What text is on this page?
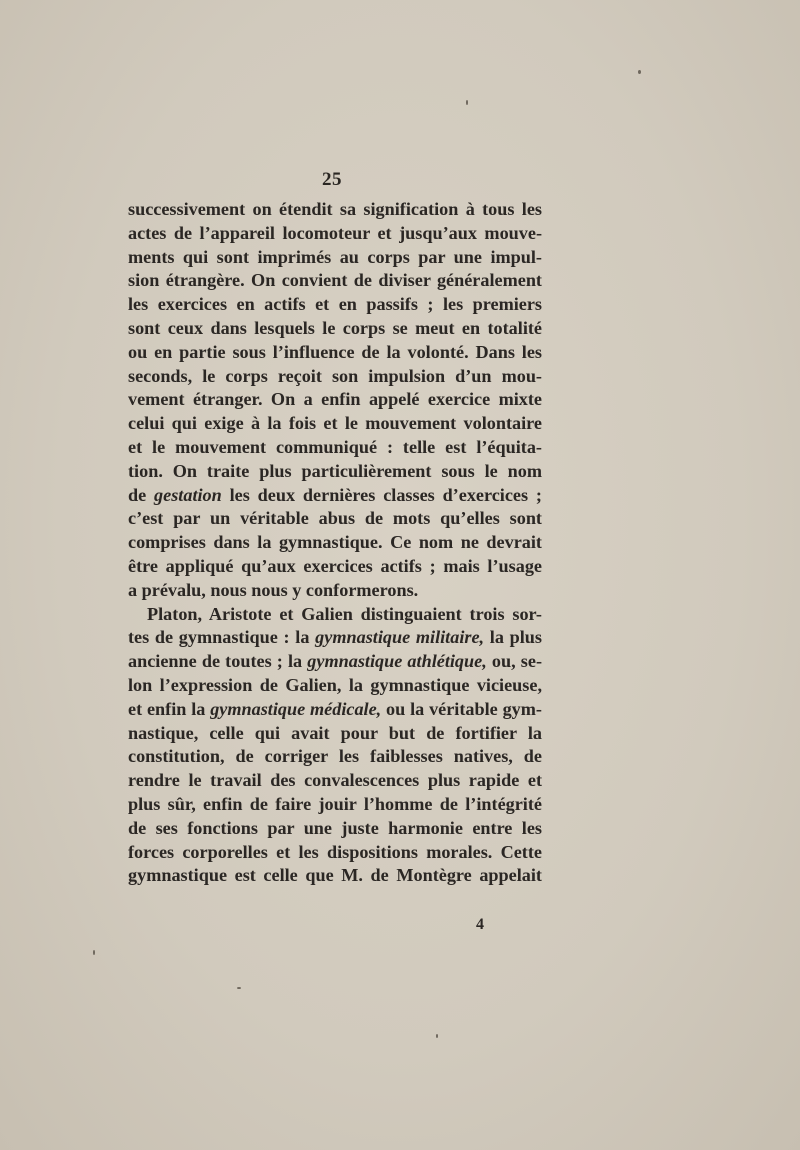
25
successivement on étendit sa signification à tous les
actes de l’appareil locomoteur et jusqu’aux mouve-
ments qui sont imprimés au corps par une impul-
sion étrangère. On convient de diviser généralement
les exercices en actifs et en passifs ; les premiers
sont ceux dans lesquels le corps se meut en totalité
ou en partie sous l’influence de la volonté. Dans les
seconds, le corps reçoit son impulsion d’un mou-
vement étranger. On a enfin appelé exercice mixte
celui qui exige à la fois et le mouvement volontaire
et le mouvement communiqué : telle est l’équita-
tion. On traite plus particulièrement sous le nom
de gestation les deux dernières classes d’exercices ;
c’est par un véritable abus de mots qu’elles sont
comprises dans la gymnastique. Ce nom ne devrait
être appliqué qu’aux exercices actifs ; mais l’usage
a prévalu, nous nous y conformerons.
Platon, Aristote et Galien distinguaient trois sor-
tes de gymnastique : la gymnastique militaire, la plus
ancienne de toutes ; la gymnastique athlétique, ou, se-
lon l’expression de Galien, la gymnastique vicieuse,
et enfin la gymnastique médicale, ou la véritable gym-
nastique, celle qui avait pour but de fortifier la
constitution, de corriger les faiblesses natives, de
rendre le travail des convalescences plus rapide et
plus sûr, enfin de faire jouir l’homme de l’intégrité
de ses fonctions par une juste harmonie entre les
forces corporelles et les dispositions morales. Cette
gymnastique est celle que M. de Montègre appelait
4
